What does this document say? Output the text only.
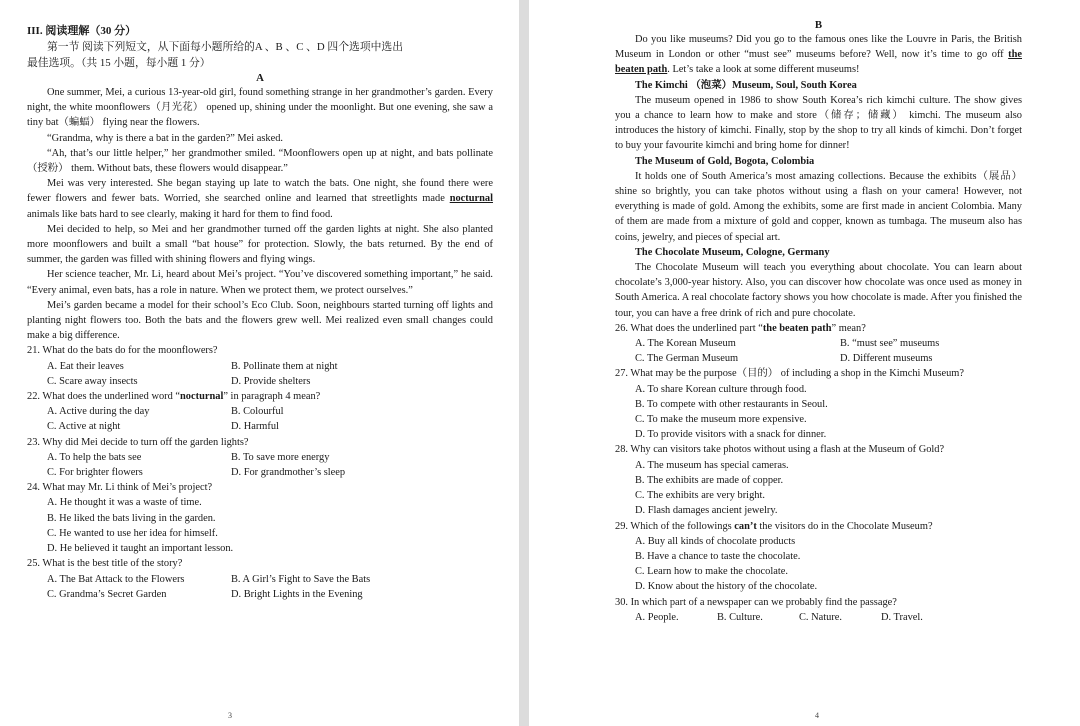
III. 阅读理解（30 分）

第一节 阅读下列短文，从下面每小题所给的A 、B 、C 、D 四个选项中选出

最佳选项。（共 15 小题，每小题 1 分）

A

One summer, Mei, a curious 13-year-old girl, found something strange in her grandmother’s garden. Every night, the white moonflowers（月光花） opened up, shining under the moonlight. But one evening, she saw a tiny bat（蝙蝠） flying near the flowers.

“Grandma, why is there a bat in the garden?” Mei asked.

“Ah, that’s our little helper,” her grandmother smiled. “Moonflowers open up at night, and bats pollinate（授粉） them. Without bats, these flowers would disappear.”

Mei was very interested. She began staying up late to watch the bats. One night, she found there were fewer flowers and fewer bats. Worried, she searched online and learned that streetlights made nocturnal animals like bats hard to see clearly, making it hard for them to find food.

Mei decided to help, so Mei and her grandmother turned off the garden lights at night. She also planted more moonflowers and built a small “bat house” for protection. Slowly, the bats returned. By the end of summer, the garden was filled with shining flowers and flying wings.

Her science teacher, Mr. Li, heard about Mei’s project. “You’ve discovered something important,” he said. “Every animal, even bats, has a role in nature. When we protect them, we protect ourselves.”

Mei’s garden became a model for their school’s Eco Club. Soon, neighbours started turning off lights and planting night flowers too. Both the bats and the flowers grew well. Mei realized even small changes could make a big difference.

21. What do the bats do for the moonflowers?

A. Eat their leaves	B. Pollinate them at night
C. Scare away insects	D. Provide shelters

22. What does the underlined word “nocturnal” in paragraph 4 mean?

A. Active during the day	B. Colourful
C. Active at night	D. Harmful

23. Why did Mei decide to turn off the garden lights?

A. To help the bats see	B. To save more energy
C. For brighter flowers	D. For grandmother’s sleep

24. What may Mr. Li think of Mei’s project?

A. He thought it was a waste of time.

B. He liked the bats living in the garden.

C. He wanted to use her idea for himself.

D. He believed it taught an important lesson.

25. What is the best title of the story?

A. The Bat Attack to the Flowers	B. A Girl’s Fight to Save the Bats
C. Grandma’s Secret Garden	D. Bright Lights in the Evening
3

B

Do you like museums? Did you go to the famous ones like the Louvre in Paris, the British Museum in London or other “must see” museums before? Well, now it’s time to go off the beaten path. Let’s take a look at some different museums!

The Kimchi （泡菜）Museum, Soul, South Korea

The museum opened in 1986 to show South Korea’s rich kimchi culture. The show gives you a chance to learn how to make and store（储存；储藏） kimchi. The museum also introduces the history of kimchi. Finally, stop by the shop to try all kinds of kimchi. Don’t forget to buy your favourite kimchi and bring home for dinner!

The Museum of Gold, Bogota, Colombia

It holds one of South America’s most amazing collections. Because the exhibits（展品）shine so brightly, you can take photos without using a flash on your camera! However, not everything is made of gold. Among the exhibits, some are first made in ancient Colombia. Many of them are made from a mixture of gold and copper, known as tumbaga. The museum also has coins, jewelry, and pieces of special art.

The Chocolate Museum, Cologne, Germany

The Chocolate Museum will teach you everything about chocolate. You can learn about chocolate’s 3,000-year history. Also, you can discover how chocolate was once used as money in South America. A real chocolate factory shows you how chocolate is made. After you finished the tour, you can have a free drink of rich and pure chocolate.

26. What does the underlined part “the beaten path” mean?

A. The Korean Museum	B. “must see” museums
C. The German Museum	D. Different museums

27. What may be the purpose（目的） of including a shop in the Kimchi Museum?

A. To share Korean culture through food.

B. To compete with other restaurants in Seoul.

C. To make the museum more expensive.

D. To provide visitors with a snack for dinner.

28. Why can visitors take photos without using a flash at the Museum of Gold?

A. The museum has special cameras.

B. The exhibits are made of copper.

C. The exhibits are very bright.

D. Flash damages ancient jewelry.

29. Which of the followings can’t the visitors do in the Chocolate Museum?

A. Buy all kinds of chocolate products

B. Have a chance to taste the chocolate.

C. Learn how to make the chocolate.

D. Know about the history of the chocolate.

30. In which part of a newspaper can we probably find the passage?

A. People.	B. Culture.	C. Nature.	D. Travel.
4
